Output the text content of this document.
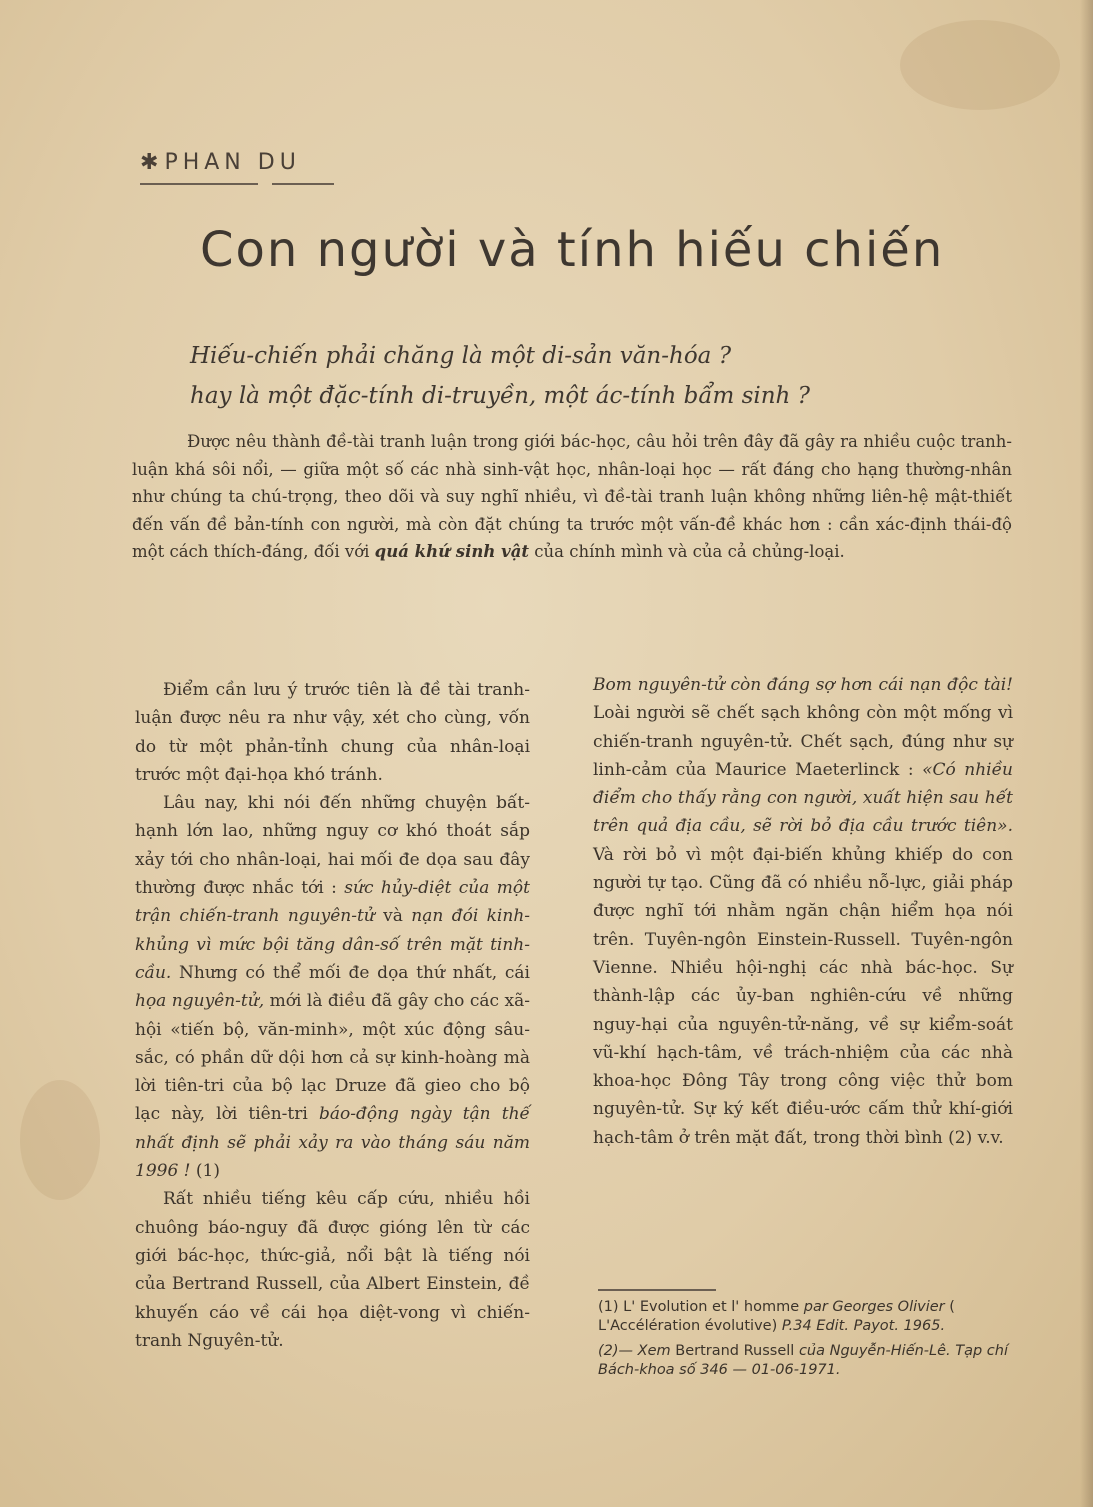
✱ PHAN DU
Con người và tính hiếu chiến
Hiếu-chiến phải chăng là một di-sản văn-hóa ?
hay là một đặc-tính di-truyền, một ác-tính bẩm sinh ?
Được nêu thành đề-tài tranh luận trong giới bác-học, câu hỏi trên đây đã gây ra nhiều cuộc tranh-luận khá sôi nổi, — giữa một số các nhà sinh-vật học, nhân-loại học — rất đáng cho hạng thường-nhân như chúng ta chú-trọng, theo dõi và suy nghĩ nhiều, vì đề-tài tranh luận không những liên-hệ mật-thiết đến vấn đề bản-tính con người, mà còn đặt chúng ta trước một vấn-đề khác hơn : cần xác-định thái-độ một cách thích-đáng, đối với quá khứ sinh vật của chính mình và của cả chủng-loại.

Điểm cần lưu ý trước tiên là đề tài tranh-luận được nêu ra như vậy, xét cho cùng, vốn do từ một phản-tỉnh chung của nhân-loại trước một đại-họa khó tránh.

Lâu nay, khi nói đến những chuyện bất-hạnh lớn lao, những nguy cơ khó thoát sắp xảy tới cho nhân-loại, hai mối đe dọa sau đây thường được nhắc tới : sức hủy-diệt của một trận chiến-tranh nguyên-tử và nạn đói kinh-khủng vì mức bội tăng dân-số trên mặt tinh-cầu. Nhưng có thể mối đe dọa thứ nhất, cái họa nguyên-tử, mới là điều đã gây cho các xã-hội «tiến bộ, văn-minh», một xúc động sâu-sắc, có phần dữ dội hơn cả sự kinh-hoàng mà lời tiên-tri của bộ lạc Druze đã gieo cho bộ lạc này, lời tiên-tri báo-động ngày tận thế nhất định sẽ phải xảy ra vào tháng sáu năm 1996 ! (1)

Rất nhiều tiếng kêu cấp cứu, nhiều hồi chuông báo-nguy đã được gióng lên từ các giới bác-học, thức-giả, nổi bật là tiếng nói của Bertrand Russell, của Albert Einstein, đề khuyến cáo về cái họa diệt-vong vì chiến-tranh Nguyên-tử.

Bom nguyên-tử còn đáng sợ hơn cái nạn độc tài! Loài người sẽ chết sạch không còn một mống vì chiến-tranh nguyên-tử. Chết sạch, đúng như sự linh-cảm của Maurice Maeterlinck : «Có nhiều điểm cho thấy rằng con người, xuất hiện sau hết trên quả địa cầu, sẽ rời bỏ địa cầu trước tiên». Và rời bỏ vì một đại-biến khủng khiếp do con người tự tạo. Cũng đã có nhiều nỗ-lực, giải pháp được nghĩ tới nhằm ngăn chận hiểm họa nói trên. Tuyên-ngôn Einstein-Russell. Tuyên-ngôn Vienne. Nhiều hội-nghị các nhà bác-học. Sự thành-lập các ủy-ban nghiên-cứu về những nguy-hại của nguyên-tử-năng, về sự kiểm-soát vũ-khí hạch-tâm, về trách-nhiệm của các nhà khoa-học Đông Tây trong công việc thử bom nguyên-tử. Sự ký kết điều-ước cấm thử khí-giới hạch-tâm ở trên mặt đất, trong thời bình (2) v.v.

(1) L' Evolution et l' homme par Georges Olivier ( L'Accélération évolutive) P.34 Edit. Payot. 1965.

(2)— Xem Bertrand Russell của Nguyễn-Hiến-Lê. Tạp chí Bách-khoa số 346 — 01-06-1971.
